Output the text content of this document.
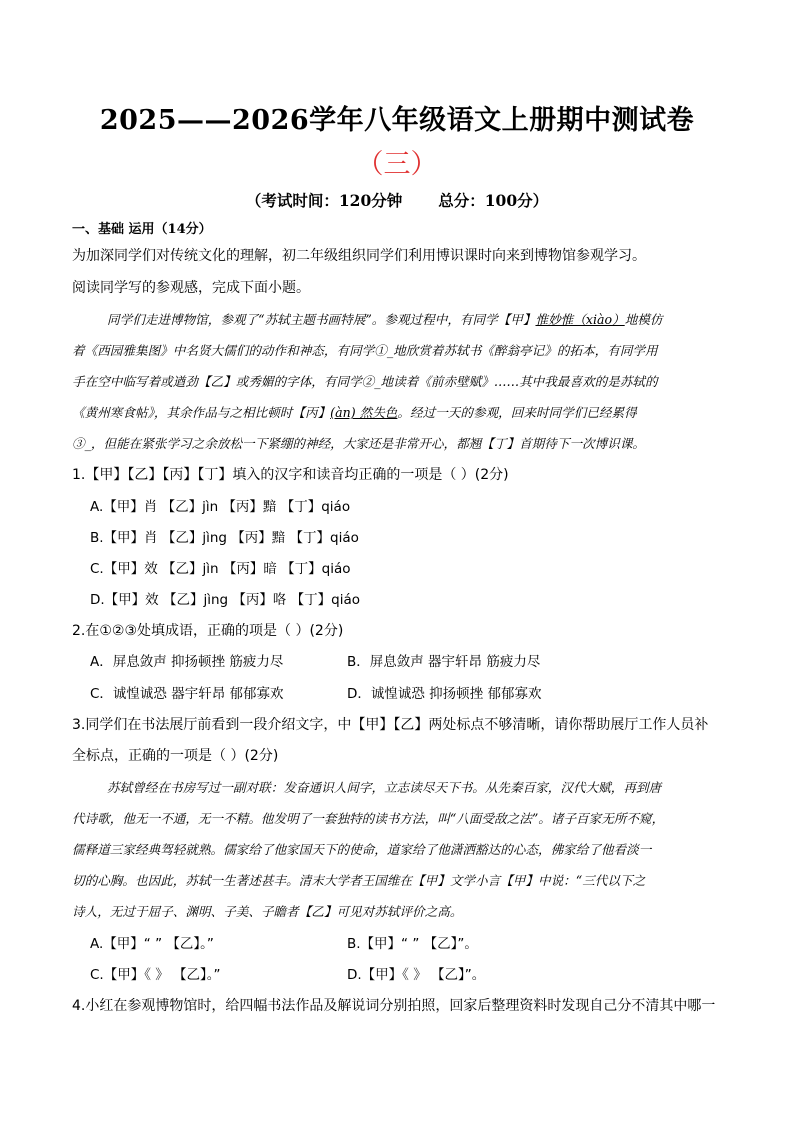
2025——2026学年八年级语文上册期中测试卷
（三）
（考试时间：120分钟 总分：100分）
一、基础 运用（14分）
为加深同学们对传统文化的理解，初二年级组织同学们利用博识课时向来到博物馆参观学习。
阅读同学写的参观感，完成下面小题。
同学们走进博物馆，参观了“苏轼主题书画特展”。参观过程中，有同学【甲】惟妙惟（xiào）地模仿
着《西园雅集图》中名贤大儒们的动作和神态，有同学①_地欣赏着苏轼书《醉翁亭记》的拓本，有同学用
手在空中临写着或遒劲【乙】或秀媚的字体，有同学②_地读着《前赤壁赋》……其中我最喜欢的是苏轼的
《黄州寒食帖》，其余作品与之相比顿时【丙】(àn) 然失色。经过一天的参观，回来时同学们已经累得
③_，但能在紧张学习之余放松一下紧绷的神经，大家还是非常开心，都翘【丁】首期待下一次博识课。
1.【甲】【乙】【丙】【丁】填入的汉字和读音均正确的一项是（ ）(2分)
A.【甲】肖 【乙】jìn 【丙】黯 【丁】qiáo
B.【甲】肖 【乙】jìng 【丙】黯 【丁】qiáo
C.【甲】效 【乙】jìn 【丙】暗 【丁】qiáo
D.【甲】效 【乙】jìng 【丙】咯 【丁】qiáo
2.在①②③处填成语，正确的项是（ ）(2分)
A．屏息敛声 抑扬顿挫 筋疲力尽	B．屏息敛声 器宇轩昂 筋疲力尽
C．诚惶诚恐 器宇轩昂 郁郁寡欢	D．诚惶诚恐 抑扬顿挫 郁郁寡欢
3.同学们在书法展厅前看到一段介绍文字，中【甲】【乙】两处标点不够清晰，请你帮助展厅工作人员补
全标点，正确的一项是（ ）(2分)
苏轼曾经在书房写过一副对联：发奋通识人间字，立志读尽天下书。从先秦百家，汉代大赋，再到唐
代诗歌，他无一不通，无一不精。他发明了一套独特的读书方法，叫“八面受敌之法”。诸子百家无所不窥，
儒释道三家经典驾轻就熟。儒家给了他家国天下的使命，道家给了他潇洒豁达的心态，佛家给了他看淡一
切的心胸。也因此，苏轼一生著述甚丰。清末大学者王国维在【甲】文学小言【甲】中说：“三代以下之
诗人，无过于屈子、渊明、子美、子瞻者【乙】可见对苏轼评价之高。
A.【甲】“ ” 【乙】。”	B.【甲】“ ” 【乙】”。
C.【甲】《 》 【乙】。”	D.【甲】《 》 【乙】”。
4.小红在参观博物馆时，给四幅书法作品及解说词分别拍照，回家后整理资料时发现自己分不清其中哪一
